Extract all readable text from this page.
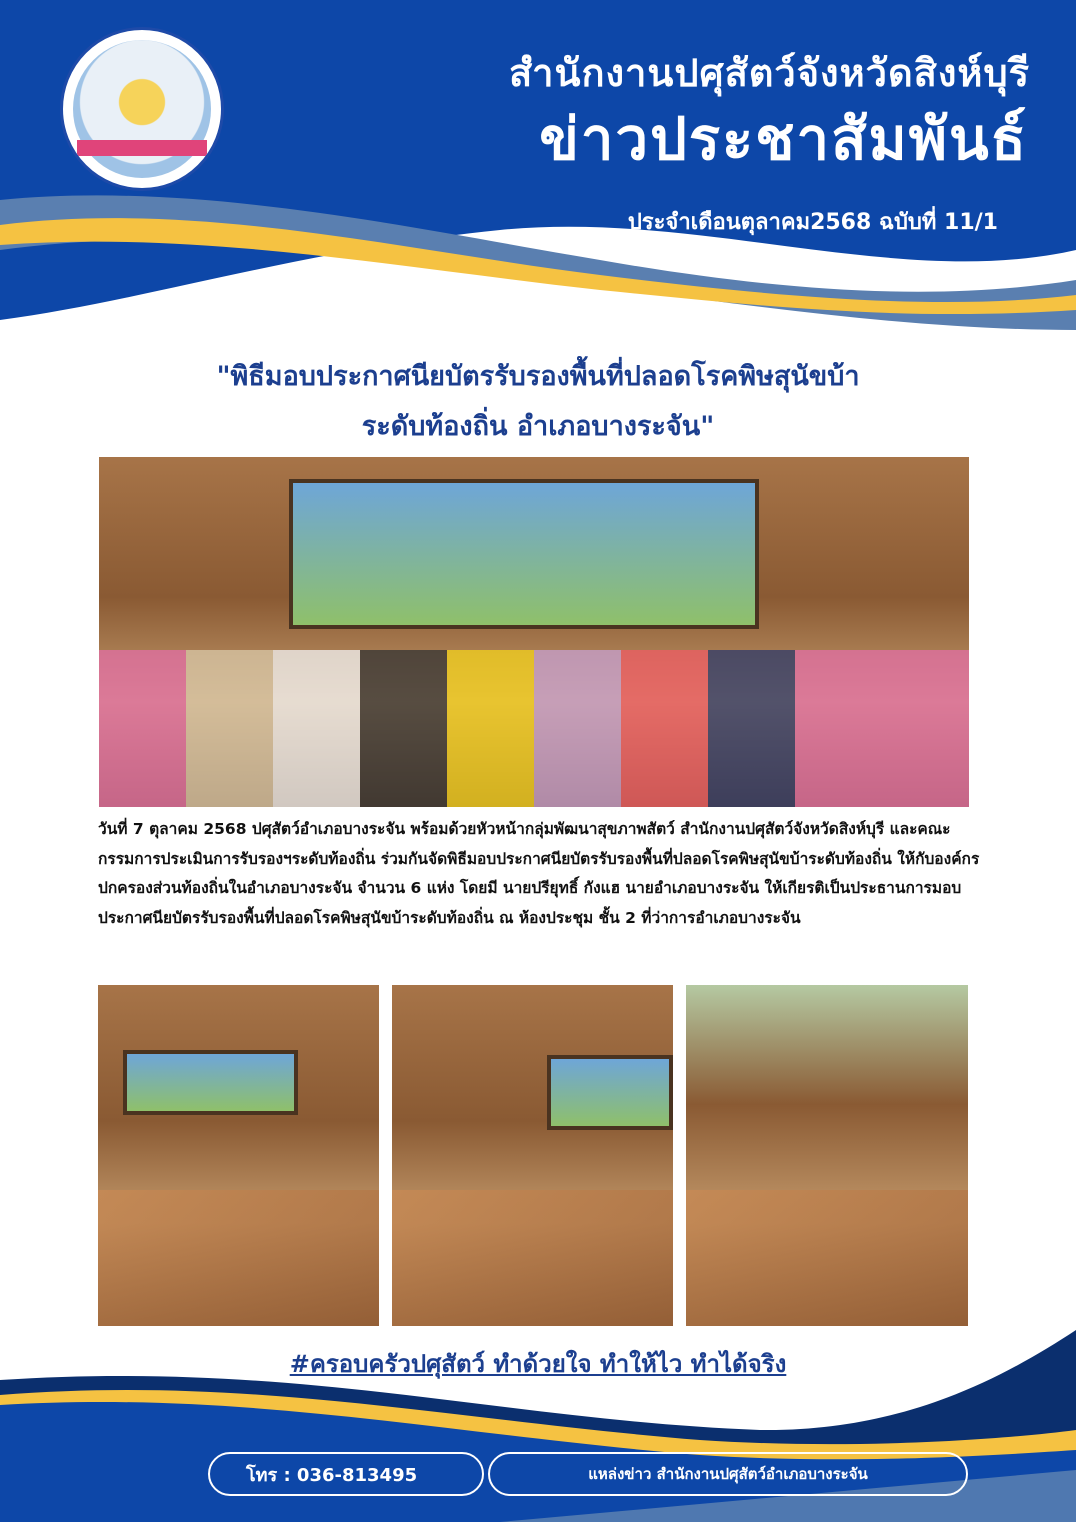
สำนักงานปศุสัตว์จังหวัดสิงห์บุรี
ข่าวประชาสัมพันธ์
ประจำเดือนตุลาคม2568 ฉบับที่ 11/1
"พิธีมอบประกาศนียบัตรรับรองพื้นที่ปลอดโรคพิษสุนัขบ้า
ระดับท้องถิ่น อำเภอบางระจัน"
วันที่ 7 ตุลาคม 2568 ปศุสัตว์อำเภอบางระจัน พร้อมด้วยหัวหน้ากลุ่มพัฒนาสุขภาพสัตว์ สำนักงานปศุสัตว์จังหวัดสิงห์บุรี และคณะกรรมการประเมินการรับรองฯระดับท้องถิ่น ร่วมกันจัดพิธีมอบประกาศนียบัตรรับรองพื้นที่ปลอดโรคพิษสุนัขบ้าระดับท้องถิ่น ให้กับองค์กรปกครองส่วนท้องถิ่นในอำเภอบางระจัน จำนวน 6 แห่ง โดยมี นายปรียุทธิ์ กังแฮ นายอำเภอบางระจัน ให้เกียรติเป็นประธานการมอบประกาศนียบัตรรับรองพื้นที่ปลอดโรคพิษสุนัขบ้าระดับท้องถิ่น ณ ห้องประชุม ชั้น 2 ที่ว่าการอำเภอบางระจัน
#ครอบครัวปศุสัตว์ ทำด้วยใจ ทำให้ไว ทำได้จริง
โทร : 036-813495	แหล่งข่าว สำนักงานปศุสัตว์อำเภอบางระจัน
